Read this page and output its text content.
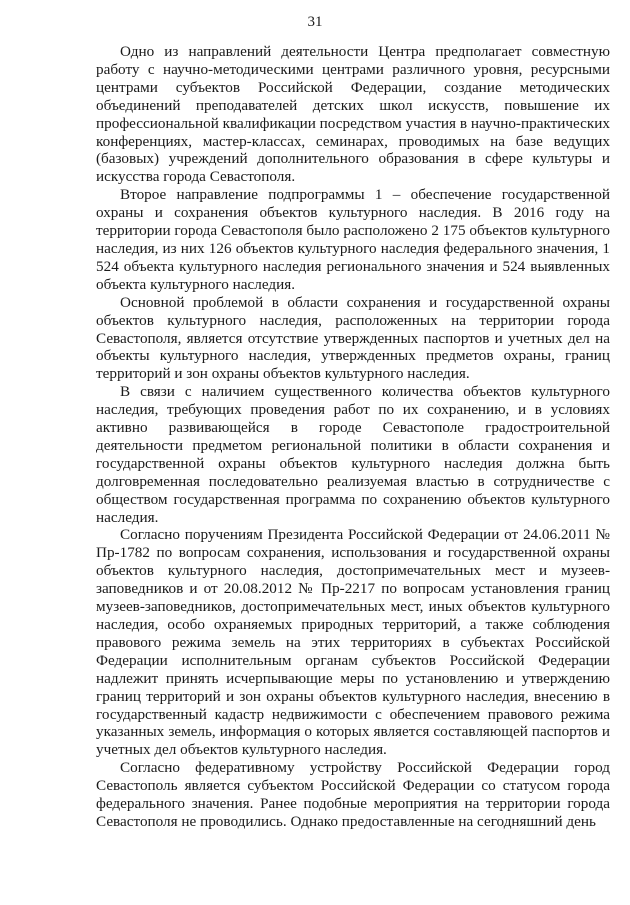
31

Одно из направлений деятельности Центра предполагает совместную работу с научно-методическими центрами различного уровня, ресурсными центрами субъектов Российской Федерации, создание методических объединений преподавателей детских школ искусств, повышение их профессиональной квалификации посредством участия в научно-практических конференциях, мастер-классах, семинарах, проводимых на базе ведущих (базовых) учреждений дополнительного образования в сфере культуры и искусства города Севастополя.

Второе направление подпрограммы 1 – обеспечение государственной охраны и сохранения объектов культурного наследия. В 2016 году на территории города Севастополя было расположено 2 175 объектов культурного наследия, из них 126 объектов культурного наследия федерального значения, 1 524 объекта культурного наследия регионального значения и 524 выявленных объекта культурного наследия.

Основной проблемой в области сохранения и государственной охраны объектов культурного наследия, расположенных на территории города Севастополя, является отсутствие утвержденных паспортов и учетных дел на объекты культурного наследия, утвержденных предметов охраны, границ территорий и зон охраны объектов культурного наследия.

В связи с наличием существенного количества объектов культурного наследия, требующих проведения работ по их сохранению, и в условиях активно развивающейся в городе Севастополе градостроительной деятельности предметом региональной политики в области сохранения и государственной охраны объектов культурного наследия должна быть долговременная последовательно реализуемая властью в сотрудничестве с обществом государственная программа по сохранению объектов культурного наследия.

Согласно поручениям Президента Российской Федерации от 24.06.2011 № Пр-1782 по вопросам сохранения, использования и государственной охраны объектов культурного наследия, достопримечательных мест и музеев-заповедников и от 20.08.2012 № Пр-2217 по вопросам установления границ музеев-заповедников, достопримечательных мест, иных объектов культурного наследия, особо охраняемых природных территорий, а также соблюдения правового режима земель на этих территориях в субъектах Российской Федерации исполнительным органам субъектов Российской Федерации надлежит принять исчерпывающие меры по установлению и утверждению границ территорий и зон охраны объектов культурного наследия, внесению в государственный кадастр недвижимости с обеспечением правового режима указанных земель, информация о которых является составляющей паспортов и учетных дел объектов культурного наследия.

Согласно федеративному устройству Российской Федерации город Севастополь является субъектом Российской Федерации со статусом города федерального значения. Ранее подобные мероприятия на территории города Севастополя не проводились. Однако предоставленные на сегодняшний день
